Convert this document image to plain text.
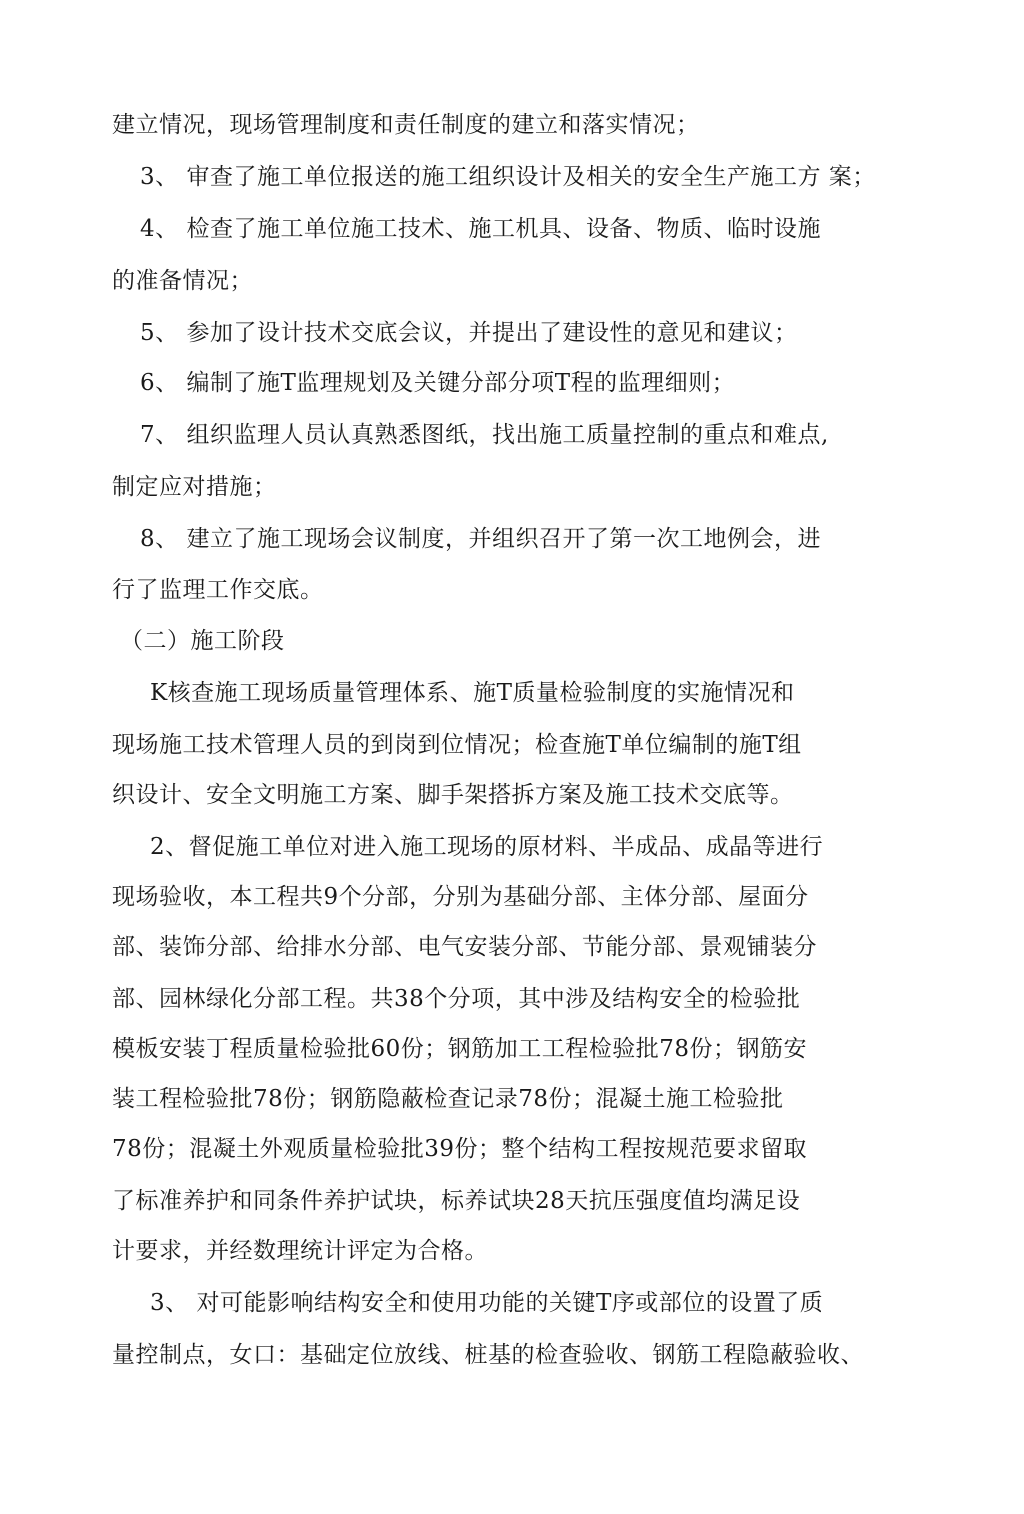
建立情况，现场管理制度和责任制度的建立和落实情况；
3、 审查了施工单位报送的施工组织设计及相关的安全生产施工方 案；
4、 检查了施工单位施工技术、施工机具、设备、物质、临时设施
的准备情况；
5、 参加了设计技术交底会议，并提出了建设性的意见和建议；
6、 编制了施T监理规划及关键分部分项T程的监理细则；
7、 组织监理人员认真熟悉图纸，找出施工质量控制的重点和难点,
制定应对措施；
8、 建立了施工现场会议制度，并组织召开了第一次工地例会，进
行了监理工作交底。
（二）施工阶段
K核查施工现场质量管理体系、施T质量检验制度的实施情况和
现场施工技术管理人员的到岗到位情况；检查施T单位编制的施T组
织设计、安全文明施工方案、脚手架搭拆方案及施工技术交底等。
2、督促施工单位对进入施工现场的原材料、半成品、成晶等进行
现场验收，本工程共9个分部，分别为基础分部、主体分部、屋面分
部、装饰分部、给排水分部、电气安装分部、节能分部、景观铺装分
部、园林绿化分部工程。共38个分项，其中涉及结构安全的检验批
模板安装丁程质量检验批60份；钢筋加工工程检验批78份；钢筋安
装工程检验批78份；钢筋隐蔽检查记录78份；混凝土施工检验批
78份；混凝土外观质量检验批39份；整个结构工程按规范要求留取
了标准养护和同条件养护试块，标养试块28天抗压强度值均满足设
计要求，并经数理统计评定为合格。
3、 对可能影响结构安全和使用功能的关键T序或部位的设置了质
量控制点，女口：基础定位放线、桩基的检查验收、钢筋工程隐蔽验收、
